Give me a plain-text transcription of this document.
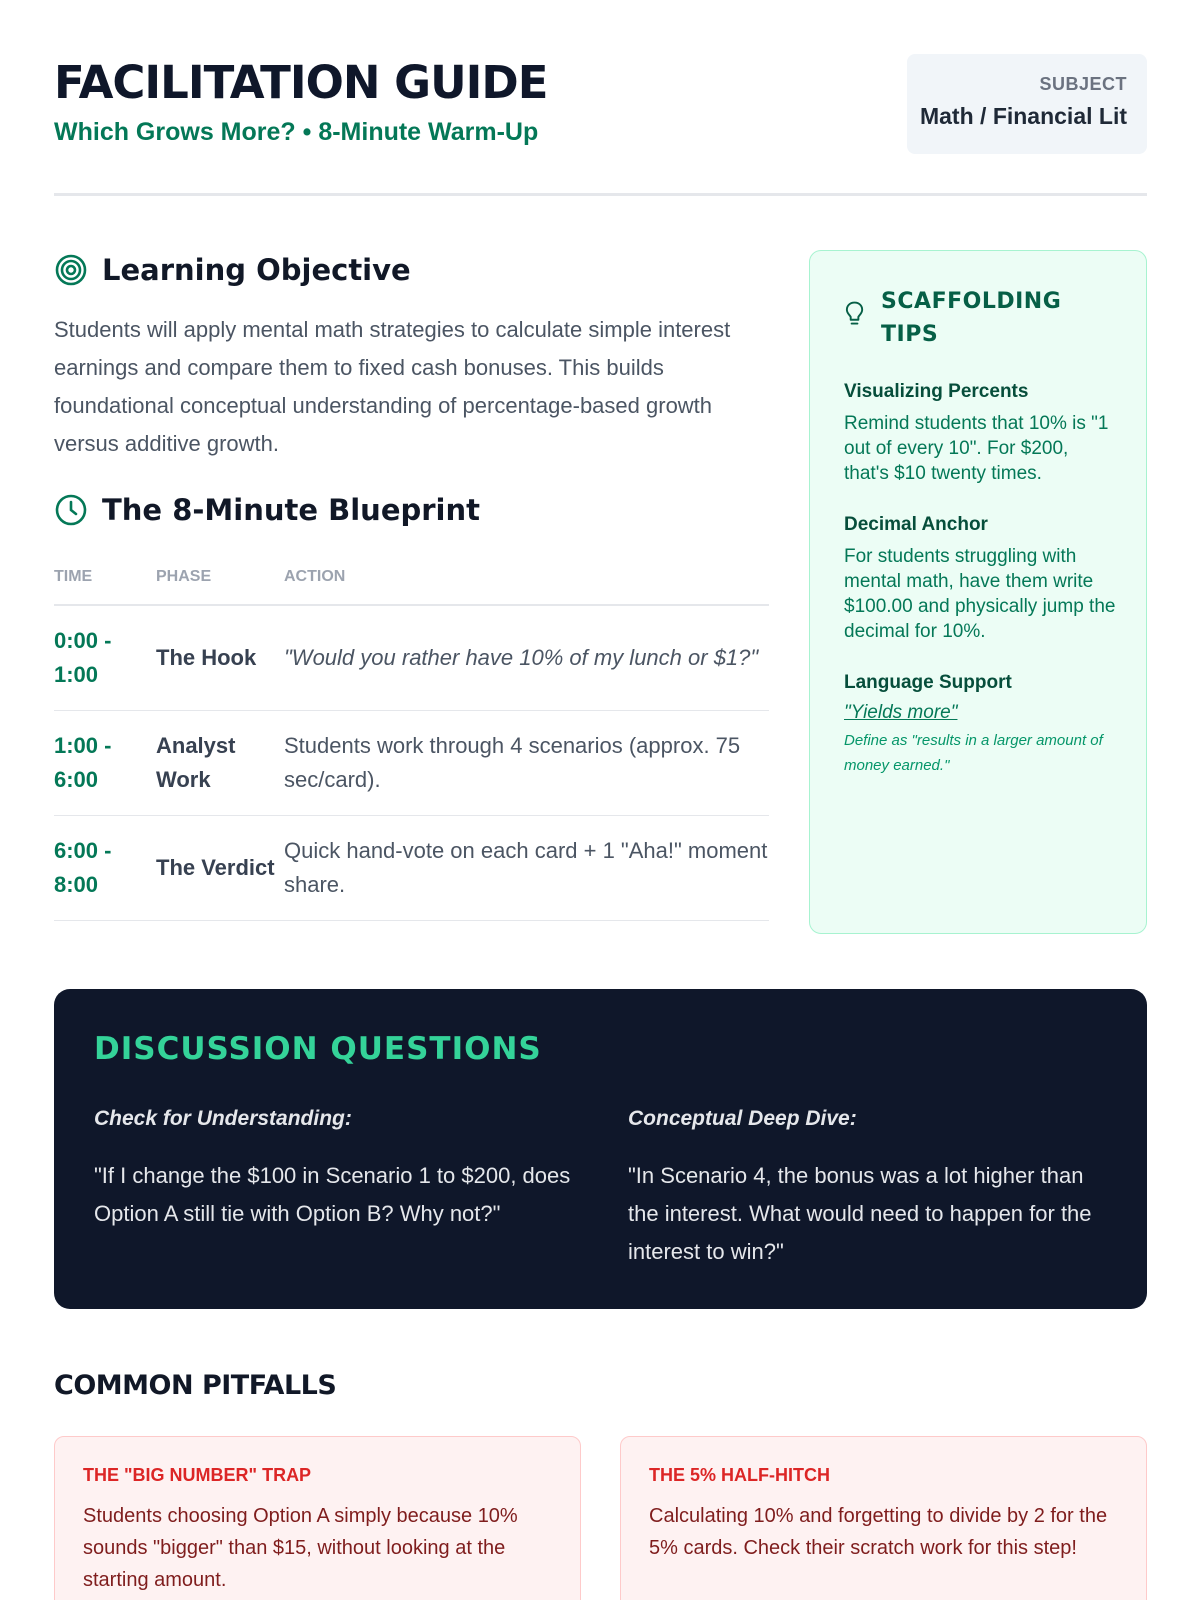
FACILITATION GUIDE
Which Grows More? • 8-Minute Warm-Up
SUBJECT
Math / Financial Lit
Learning Objective

Students will apply mental math strategies to calculate simple interest earnings and compare them to fixed cash bonuses. This builds foundational conceptual understanding of percentage-based growth versus additive growth.

The 8-Minute Blueprint
TIME	PHASE	ACTION
0:00 - 1:00	The Hook	"Would you rather have 10% of my lunch or $1?"
1:00 - 6:00	Analyst Work	Students work through 4 scenarios (approx. 75 sec/card).
6:00 - 8:00	The Verdict	Quick hand-vote on each card + 1 "Aha!" moment share.
SCAFFOLDING TIPS
Visualizing Percents
Remind students that 10% is "1 out of every 10". For $200, that's $10 twenty times.
Decimal Anchor
For students struggling with mental math, have them write $100.00 and physically jump the decimal for 10%.
Language Support
"Yields more"
Define as "results in a larger amount of money earned."
DISCUSSION QUESTIONS
Check for Understanding:
"If I change the $100 in Scenario 1 to $200, does Option A still tie with Option B? Why not?"
Conceptual Deep Dive:
"In Scenario 4, the bonus was a lot higher than the interest. What would need to happen for the interest to win?"
COMMON PITFALLS
THE "BIG NUMBER" TRAP
Students choosing Option A simply because 10% sounds "bigger" than $15, without looking at the starting amount.
THE 5% HALF-HITCH
Calculating 10% and forgetting to divide by 2 for the 5% cards. Check their scratch work for this step!
